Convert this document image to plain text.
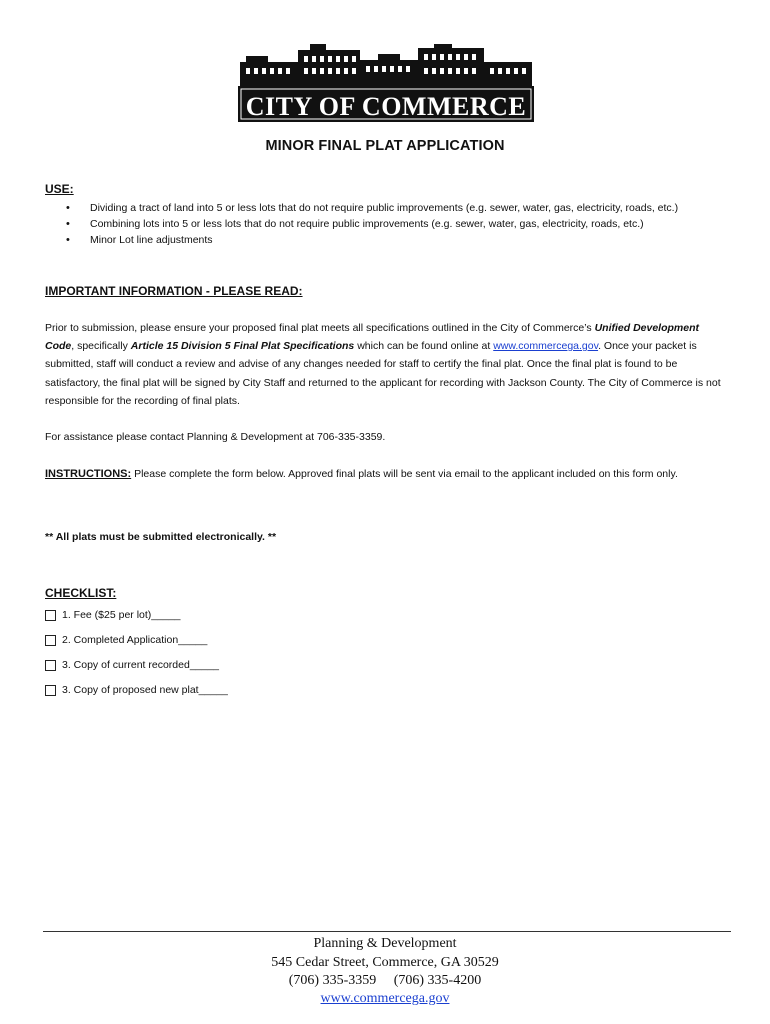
CITY OF COMMERCE
MINOR FINAL PLAT APPLICATION
USE:
• Dividing a tract of land into 5 or less lots that do not require public improvements (e.g. sewer, water, gas, electricity, roads, etc.)
• Combining lots into 5 or less lots that do not require public improvements (e.g. sewer, water, gas, electricity, roads, etc.)
• Minor Lot line adjustments
IMPORTANT INFORMATION - PLEASE READ:

Prior to submission, please ensure your proposed final plat meets all specifications outlined in the City of Commerce’s Unified Development Code, specifically Article 15 Division 5 Final Plat Specifications which can be found online at www.commercega.gov. Once your packet is submitted, staff will conduct a review and advise of any changes needed for staff to certify the final plat. Once the final plat is found to be satisfactory, the final plat will be signed by City Staff and returned to the applicant for recording with Jackson County. The City of Commerce is not responsible for the recording of final plats.

For assistance please contact Planning & Development at 706-335-3359.

INSTRUCTIONS: Please complete the form below. Approved final plats will be sent via email to the applicant included on this form only.

** All plats must be submitted electronically. **
CHECKLIST:
1. Fee ($25 per lot)_____
2. Completed Application_____
3. Copy of current recorded_____
3. Copy of proposed new plat_____
Planning & Development
545 Cedar Street, Commerce, GA 30529
(706) 335-3359     (706) 335-4200
www.commercega.gov
